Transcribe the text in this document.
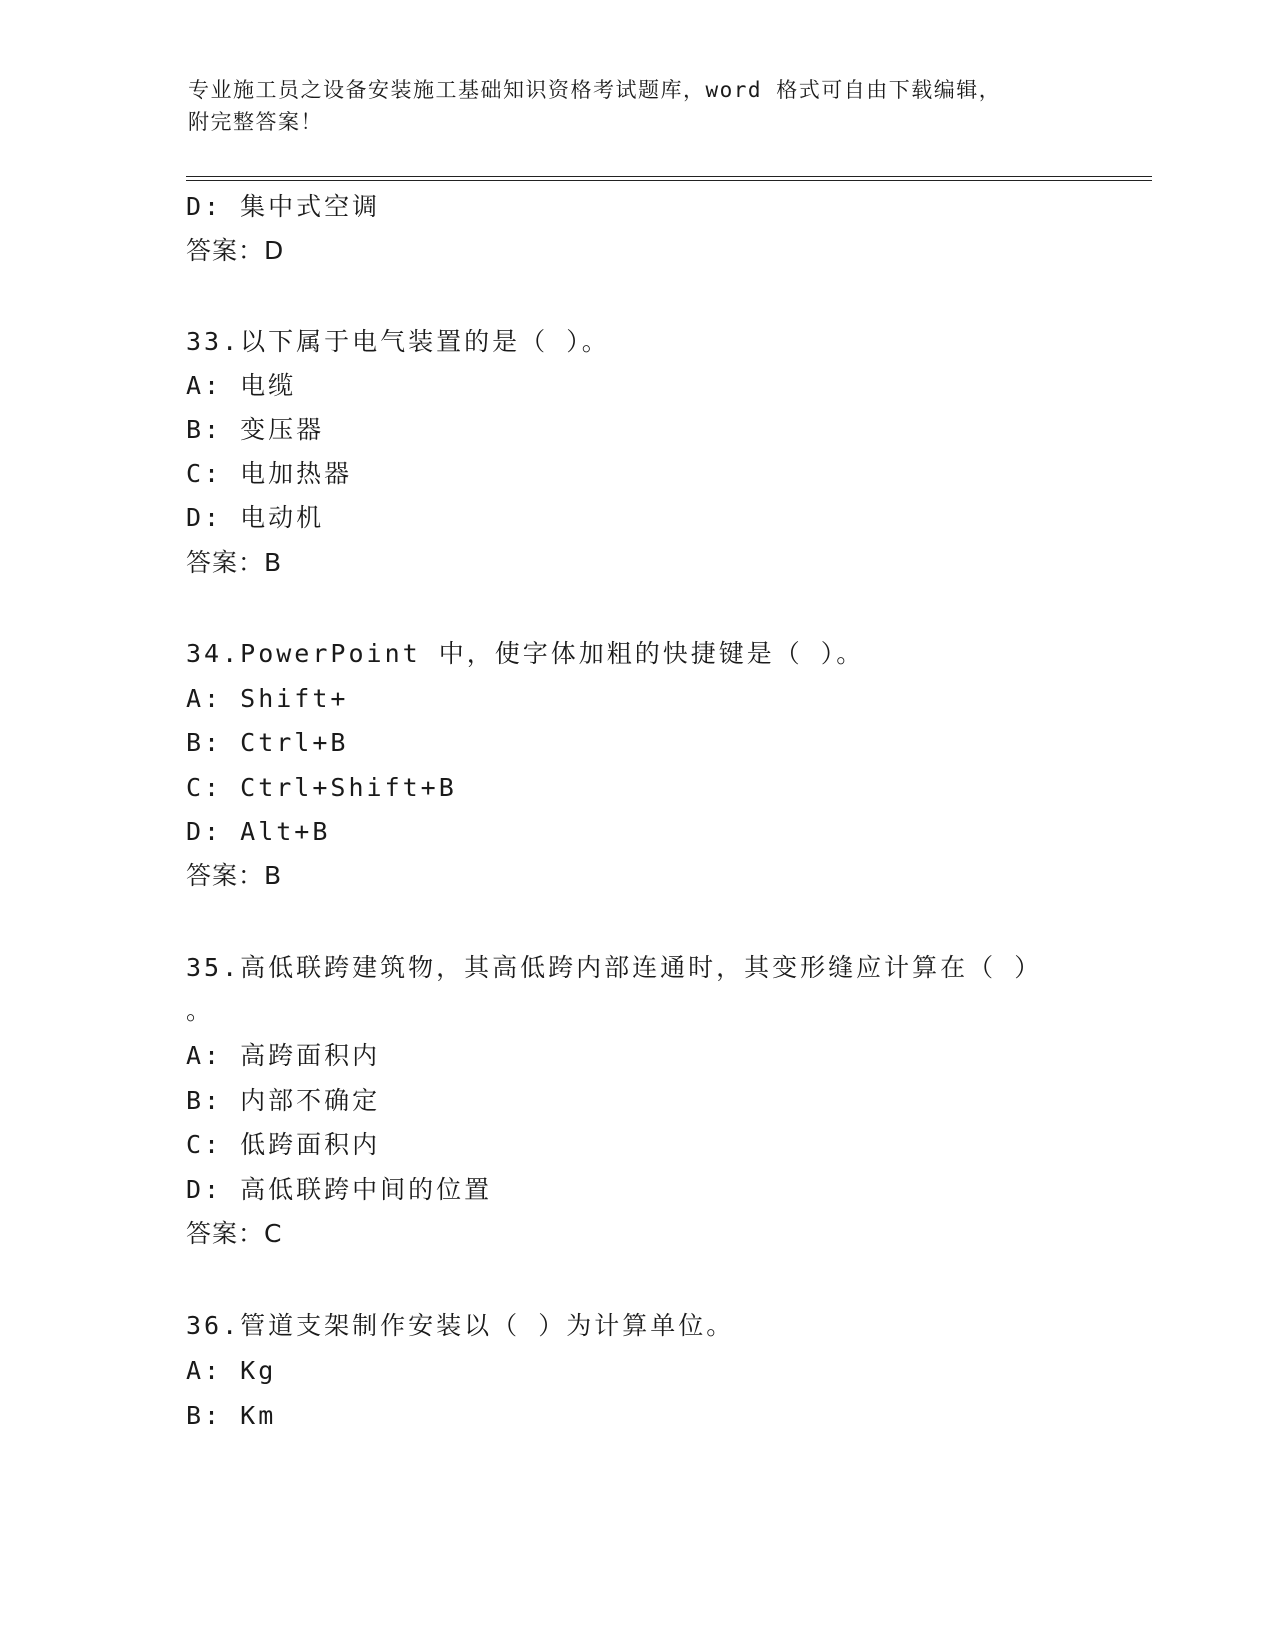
专业施工员之设备安装施工基础知识资格考试题库，word 格式可自由下载编辑，
附完整答案！
D: 集中式空调
答案：D
33.以下属于电气装置的是（ ）。
A: 电缆
B: 变压器
C: 电加热器
D: 电动机
答案：B
34.PowerPoint 中，使字体加粗的快捷键是（ ）。
A: Shift+
B: Ctrl+B
C: Ctrl+Shift+B
D: Alt+B
答案：B
35.高低联跨建筑物，其高低跨内部连通时，其变形缝应计算在（ ）
。
A: 高跨面积内
B: 内部不确定
C: 低跨面积内
D: 高低联跨中间的位置
答案：C
36.管道支架制作安装以（ ）为计算单位。
A: Kg
B: Km
